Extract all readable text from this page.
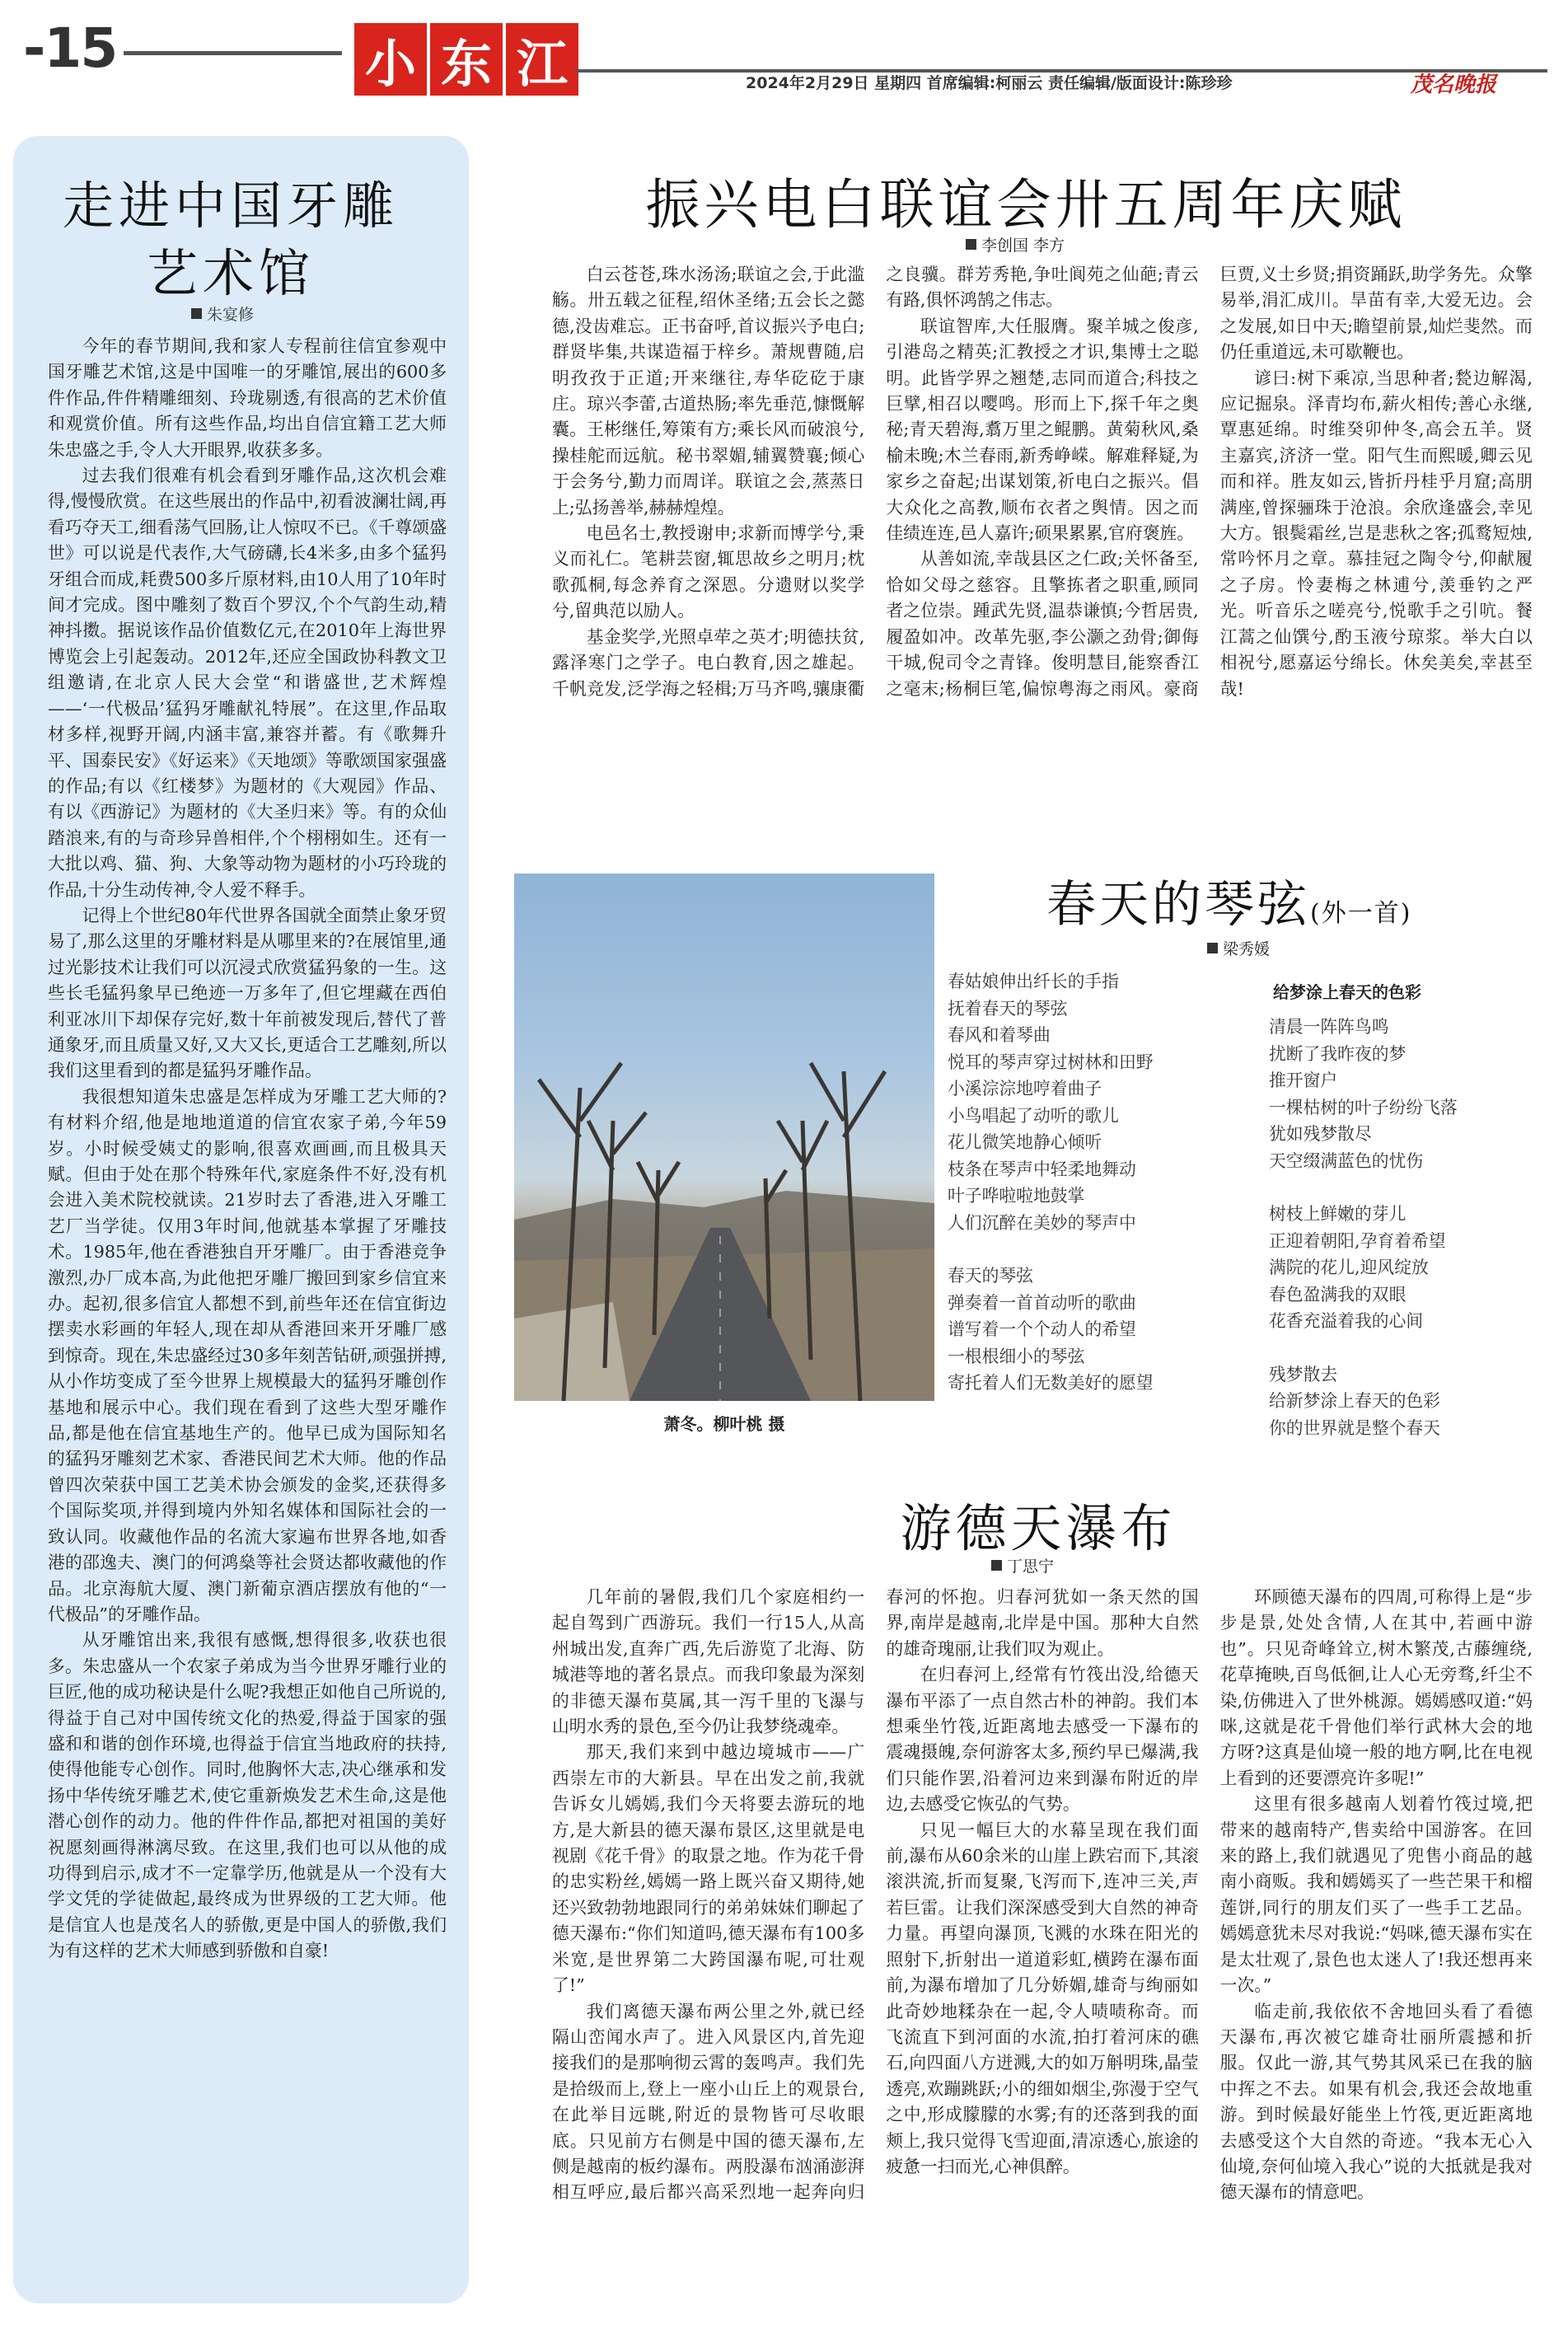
-15	小 东 江	2024年2月29日 星期四 首席编辑:柯丽云 责任编辑/版面设计:陈珍珍	茂名晚报
走进中国牙雕
艺术馆
朱宴修

今年的春节期间,我和家人专程前往信宜参观中国牙雕艺术馆,这是中国唯一的牙雕馆,展出的600多件作品,件件精雕细刻、玲珑剔透,有很高的艺术价值和观赏价值。所有这些作品,均出自信宜籍工艺大师朱忠盛之手,令人大开眼界,收获多多。

过去我们很难有机会看到牙雕作品,这次机会难得,慢慢欣赏。在这些展出的作品中,初看波澜壮阔,再看巧夺天工,细看荡气回肠,让人惊叹不已。《千尊颂盛世》可以说是代表作,大气磅礴,长4米多,由多个猛犸牙组合而成,耗费500多斤原材料,由10人用了10年时间才完成。图中雕刻了数百个罗汉,个个气韵生动,精神抖擞。据说该作品价值数亿元,在2010年上海世界博览会上引起轰动。2012年,还应全国政协科教文卫组邀请,在北京人民大会堂“和谐盛世,艺术辉煌——‘一代极品’猛犸牙雕献礼特展”。在这里,作品取材多样,视野开阔,内涵丰富,兼容并蓄。有《歌舞升平、国泰民安》《好运来》《天地颂》等歌颂国家强盛的作品;有以《红楼梦》为题材的《大观园》作品、有以《西游记》为题材的《大圣归来》等。有的众仙踏浪来,有的与奇珍异兽相伴,个个栩栩如生。还有一大批以鸡、猫、狗、大象等动物为题材的小巧玲珑的作品,十分生动传神,令人爱不释手。

记得上个世纪80年代世界各国就全面禁止象牙贸易了,那么这里的牙雕材料是从哪里来的?在展馆里,通过光影技术让我们可以沉浸式欣赏猛犸象的一生。这些长毛猛犸象早已绝迹一万多年了,但它埋藏在西伯利亚冰川下却保存完好,数十年前被发现后,替代了普通象牙,而且质量又好,又大又长,更适合工艺雕刻,所以我们这里看到的都是猛犸牙雕作品。

我很想知道朱忠盛是怎样成为牙雕工艺大师的?有材料介绍,他是地地道道的信宜农家子弟,今年59岁。小时候受姨丈的影响,很喜欢画画,而且极具天赋。但由于处在那个特殊年代,家庭条件不好,没有机会进入美术院校就读。21岁时去了香港,进入牙雕工艺厂当学徒。仅用3年时间,他就基本掌握了牙雕技术。1985年,他在香港独自开牙雕厂。由于香港竞争激烈,办厂成本高,为此他把牙雕厂搬回到家乡信宜来办。起初,很多信宜人都想不到,前些年还在信宜街边摆卖水彩画的年轻人,现在却从香港回来开牙雕厂感到惊奇。现在,朱忠盛经过30多年刻苦钻研,顽强拼搏,从小作坊变成了至今世界上规模最大的猛犸牙雕创作基地和展示中心。我们现在看到了这些大型牙雕作品,都是他在信宜基地生产的。他早已成为国际知名的猛犸牙雕刻艺术家、香港民间艺术大师。他的作品曾四次荣获中国工艺美术协会颁发的金奖,还获得多个国际奖项,并得到境内外知名媒体和国际社会的一致认同。收藏他作品的名流大家遍布世界各地,如香港的邵逸夫、澳门的何鸿燊等社会贤达都收藏他的作品。北京海航大厦、澳门新葡京酒店摆放有他的“一代极品”的牙雕作品。

从牙雕馆出来,我很有感慨,想得很多,收获也很多。朱忠盛从一个农家子弟成为当今世界牙雕行业的巨匠,他的成功秘诀是什么呢?我想正如他自己所说的,得益于自己对中国传统文化的热爱,得益于国家的强盛和和谐的创作环境,也得益于信宜当地政府的扶持,使得他能专心创作。同时,他胸怀大志,决心继承和发扬中华传统牙雕艺术,使它重新焕发艺术生命,这是他潜心创作的动力。他的件件作品,都把对祖国的美好祝愿刻画得淋漓尽致。在这里,我们也可以从他的成功得到启示,成才不一定靠学历,他就是从一个没有大学文凭的学徒做起,最终成为世界级的工艺大师。他是信宜人也是茂名人的骄傲,更是中国人的骄傲,我们为有这样的艺术大师感到骄傲和自豪!

振兴电白联谊会卅五周年庆赋
李创国 李方

白云苍苍,珠水汤汤;联谊之会,于此滥觞。卅五载之征程,绍休圣绪;五会长之懿德,没齿难忘。正书奋呼,首议振兴予电白;群贤毕集,共谋造福于梓乡。萧规曹随,启明孜孜于正道;开来继往,寿华矻矻于康庄。琼兴李蕾,古道热肠;率先垂范,慷慨解囊。王彬继任,筹策有方;乘长风而破浪兮,操桂舵而远航。秘书翠媚,辅翼赞襄;倾心于会务兮,勤力而周详。联谊之会,蒸蒸日上;弘扬善举,赫赫煌煌。

电邑名士,教授谢申;求新而博学兮,秉义而礼仁。笔耕芸窗,辄思故乡之明月;枕歌孤桐,每念养育之深恩。分遗财以奖学兮,留典范以励人。

基金奖学,光照卓荦之英才;明德扶贫,露泽寒门之学子。电白教育,因之雄起。千帆竞发,泛学海之轻楫;万马齐鸣,骧康衢之良骥。群芳秀艳,争吐阆苑之仙葩;青云有路,俱怀鸿鹄之伟志。

联谊智库,大任服膺。聚羊城之俊彦,引港岛之精英;汇教授之才识,集博士之聪明。此皆学界之翘楚,志同而道合;科技之巨擘,相召以嘤鸣。形而上下,探千年之奥秘;青天碧海,翥万里之鲲鹏。黄菊秋风,桑榆未晚;木兰春雨,新秀峥嵘。解难释疑,为家乡之奋起;出谋划策,祈电白之振兴。倡大众化之高教,顺布衣者之舆情。因之而佳绩连连,邑人嘉许;硕果累累,官府褒旌。

从善如流,幸哉县区之仁政;关怀备至,恰如父母之慈容。且擎拣者之职重,顾同者之位崇。踵武先贤,温恭谦慎;今哲居贵,履盈如冲。改革先驱,李公灏之劲骨;御侮干城,倪司令之青锋。俊明慧目,能察香江之毫末;杨桐巨笔,偏惊粤海之雨风。豪商巨贾,义士乡贤;捐资踊跃,助学务先。众擎易举,涓汇成川。旱苗有幸,大爱无边。会之发展,如日中天;瞻望前景,灿烂斐然。而仍任重道远,未可歇鞭也。

谚曰:树下乘凉,当思种者;甃边解渴,应记掘泉。泽青均布,薪火相传;善心永继,覃惠延绵。时维癸卯仲冬,高会五羊。贤主嘉宾,济济一堂。阳气生而熙暖,卿云见而和祥。胜友如云,皆折丹桂乎月窟;高朋满座,曾探骊珠于沧浪。余欣逢盛会,幸见大方。银鬓霜丝,岂是悲秋之客;孤鹜短烛,常吟怀月之章。慕挂冠之陶令兮,仰献履之子房。怜妻梅之林逋兮,羡垂钓之严光。听音乐之嗟亮兮,悦歌手之引吭。餐江蒿之仙馔兮,酌玉液兮琼浆。举大白以相祝兮,愿嘉运兮绵长。休矣美矣,幸甚至哉!

萧冬。柳叶桃 摄
春天的琴弦(外一首)
梁秀媛
春姑娘伸出纤长的手指
抚着春天的琴弦
春风和着琴曲
悦耳的琴声穿过树林和田野
小溪淙淙地哼着曲子
小鸟唱起了动听的歌儿
花儿微笑地静心倾听
枝条在琴声中轻柔地舞动
叶子哗啦啦地鼓掌
人们沉醉在美妙的琴声中
春天的琴弦
弹奏着一首首动听的歌曲
谱写着一个个动人的希望
一根根细小的琴弦
寄托着人们无数美好的愿望
给梦涂上春天的色彩
清晨一阵阵鸟鸣
扰断了我昨夜的梦
推开窗户
一棵枯树的叶子纷纷飞落
犹如残梦散尽
天空缀满蓝色的忧伤
树枝上鲜嫩的芽儿
正迎着朝阳,孕育着希望
满院的花儿,迎风绽放
春色盈满我的双眼
花香充溢着我的心间
残梦散去
给新梦涂上春天的色彩
你的世界就是整个春天
游德天瀑布
丁思宁

几年前的暑假,我们几个家庭相约一起自驾到广西游玩。我们一行15人,从高州城出发,直奔广西,先后游览了北海、防城港等地的著名景点。而我印象最为深刻的非德天瀑布莫属,其一泻千里的飞瀑与山明水秀的景色,至今仍让我梦绕魂牵。

那天,我们来到中越边境城市——广西崇左市的大新县。早在出发之前,我就告诉女儿嫣嫣,我们今天将要去游玩的地方,是大新县的德天瀑布景区,这里就是电视剧《花千骨》的取景之地。作为花千骨的忠实粉丝,嫣嫣一路上既兴奋又期待,她还兴致勃勃地跟同行的弟弟妹妹们聊起了德天瀑布:“你们知道吗,德天瀑布有100多米宽,是世界第二大跨国瀑布呢,可壮观了!”

我们离德天瀑布两公里之外,就已经隔山峦闻水声了。进入风景区内,首先迎接我们的是那响彻云霄的轰鸣声。我们先是拾级而上,登上一座小山丘上的观景台,在此举目远眺,附近的景物皆可尽收眼底。只见前方右侧是中国的德天瀑布,左侧是越南的板约瀑布。两股瀑布汹涌澎湃相互呼应,最后都兴高采烈地一起奔向归春河的怀抱。归春河犹如一条天然的国界,南岸是越南,北岸是中国。那种大自然的雄奇瑰丽,让我们叹为观止。

在归春河上,经常有竹筏出没,给德天瀑布平添了一点自然古朴的神韵。我们本想乘坐竹筏,近距离地去感受一下瀑布的震魂摄魄,奈何游客太多,预约早已爆满,我们只能作罢,沿着河边来到瀑布附近的岸边,去感受它恢弘的气势。

只见一幅巨大的水幕呈现在我们面前,瀑布从60余米的山崖上跌宕而下,其滚滚洪流,折而复聚,飞泻而下,连冲三关,声若巨雷。让我们深深感受到大自然的神奇力量。再望向瀑顶,飞溅的水珠在阳光的照射下,折射出一道道彩虹,横跨在瀑布面前,为瀑布增加了几分娇媚,雄奇与绚丽如此奇妙地糅杂在一起,令人啧啧称奇。而飞流直下到河面的水流,拍打着河床的礁石,向四面八方迸溅,大的如万斛明珠,晶莹透亮,欢蹦跳跃;小的细如烟尘,弥漫于空气之中,形成朦朦的水雾;有的还落到我的面颊上,我只觉得飞雪迎面,清凉透心,旅途的疲惫一扫而光,心神俱醉。

环顾德天瀑布的四周,可称得上是“步步是景,处处含情,人在其中,若画中游也”。只见奇峰耸立,树木繁茂,古藤缠绕,花草掩映,百鸟低徊,让人心无旁骛,纤尘不染,仿佛进入了世外桃源。嫣嫣感叹道:“妈咪,这就是花千骨他们举行武林大会的地方呀?这真是仙境一般的地方啊,比在电视上看到的还要漂亮许多呢!”

这里有很多越南人划着竹筏过境,把带来的越南特产,售卖给中国游客。在回来的路上,我们就遇见了兜售小商品的越南小商贩。我和嫣嫣买了一些芒果干和榴莲饼,同行的朋友们买了一些手工艺品。嫣嫣意犹未尽对我说:“妈咪,德天瀑布实在是太壮观了,景色也太迷人了!我还想再来一次。”

临走前,我依依不舍地回头看了看德天瀑布,再次被它雄奇壮丽所震撼和折服。仅此一游,其气势其风采已在我的脑中挥之不去。如果有机会,我还会故地重游。到时候最好能坐上竹筏,更近距离地去感受这个大自然的奇迹。“我本无心入仙境,奈何仙境入我心”说的大抵就是我对德天瀑布的情意吧。
